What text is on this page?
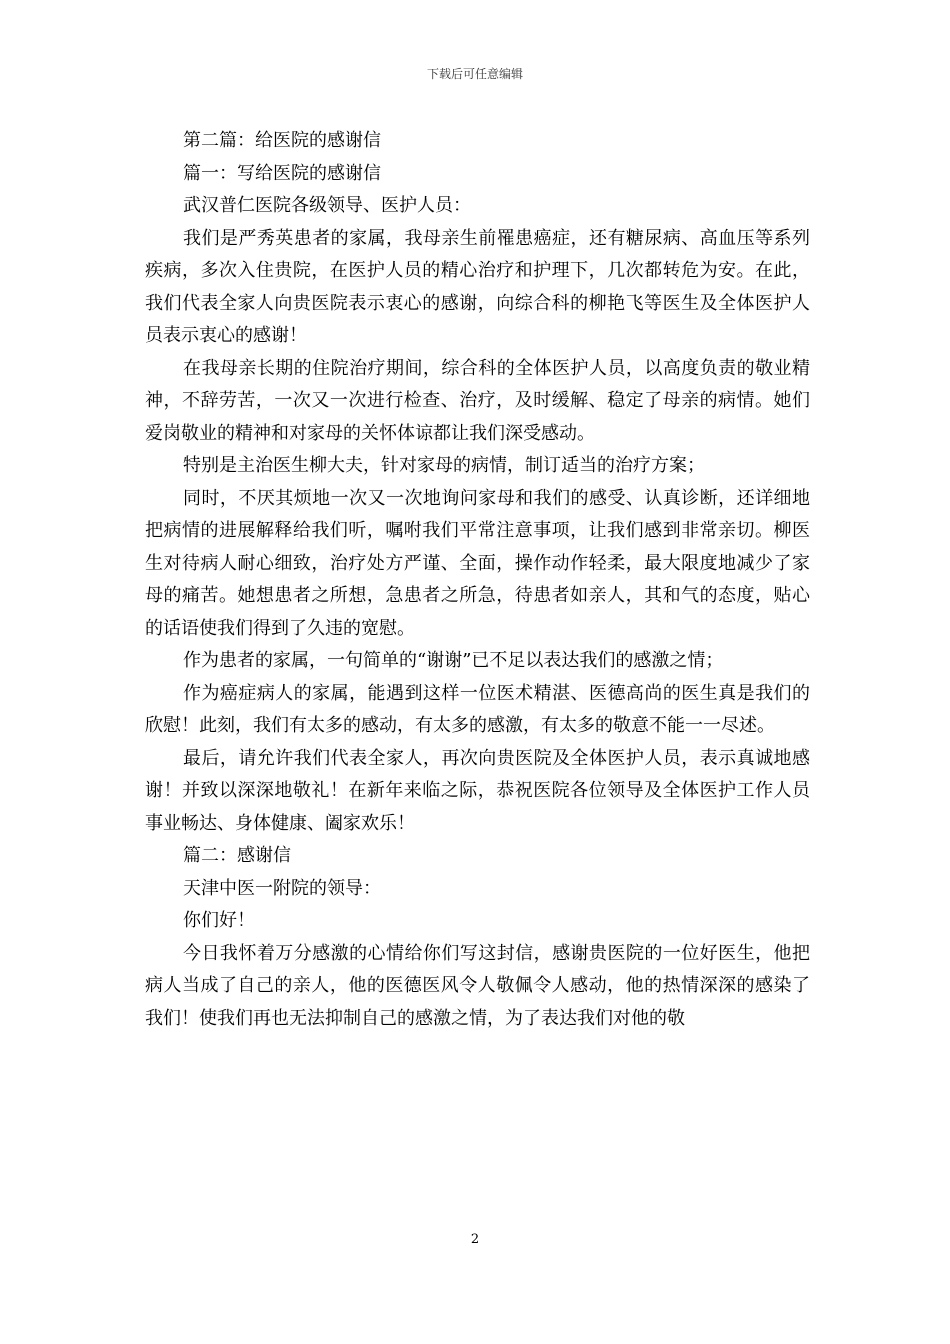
下载后可任意编辑

第二篇：给医院的感谢信

篇一：写给医院的感谢信

武汉普仁医院各级领导、医护人员：

我们是严秀英患者的家属，我母亲生前罹患癌症，还有糖尿病、高血压等系列疾病，多次入住贵院，在医护人员的精心治疗和护理下，几次都转危为安。在此，我们代表全家人向贵医院表示衷心的感谢，向综合科的柳艳飞等医生及全体医护人员表示衷心的感谢！

在我母亲长期的住院治疗期间，综合科的全体医护人员，以高度负责的敬业精神，不辞劳苦，一次又一次进行检查、治疗，及时缓解、稳定了母亲的病情。她们爱岗敬业的精神和对家母的关怀体谅都让我们深受感动。

特别是主治医生柳大夫，针对家母的病情，制订适当的治疗方案；

同时，不厌其烦地一次又一次地询问家母和我们的感受、认真诊断，还详细地把病情的进展解释给我们听，嘱咐我们平常注意事项，让我们感到非常亲切。柳医生对待病人耐心细致，治疗处方严谨、全面，操作动作轻柔，最大限度地减少了家母的痛苦。她想患者之所想，急患者之所急，待患者如亲人，其和气的态度，贴心的话语使我们得到了久违的宽慰。

作为患者的家属，一句简单的“谢谢”已不足以表达我们的感激之情；

作为癌症病人的家属，能遇到这样一位医术精湛、医德高尚的医生真是我们的欣慰！此刻，我们有太多的感动，有太多的感激，有太多的敬意不能一一尽述。

最后，请允许我们代表全家人，再次向贵医院及全体医护人员，表示真诚地感谢！并致以深深地敬礼！在新年来临之际，恭祝医院各位领导及全体医护工作人员事业畅达、身体健康、阖家欢乐！

篇二：感谢信

天津中医一附院的领导：

你们好！

今日我怀着万分感激的心情给你们写这封信，感谢贵医院的一位好医生，他把病人当成了自己的亲人，他的医德医风令人敬佩令人感动，他的热情深深的感染了我们！使我们再也无法抑制自己的感激之情，为了表达我们对他的敬

2
